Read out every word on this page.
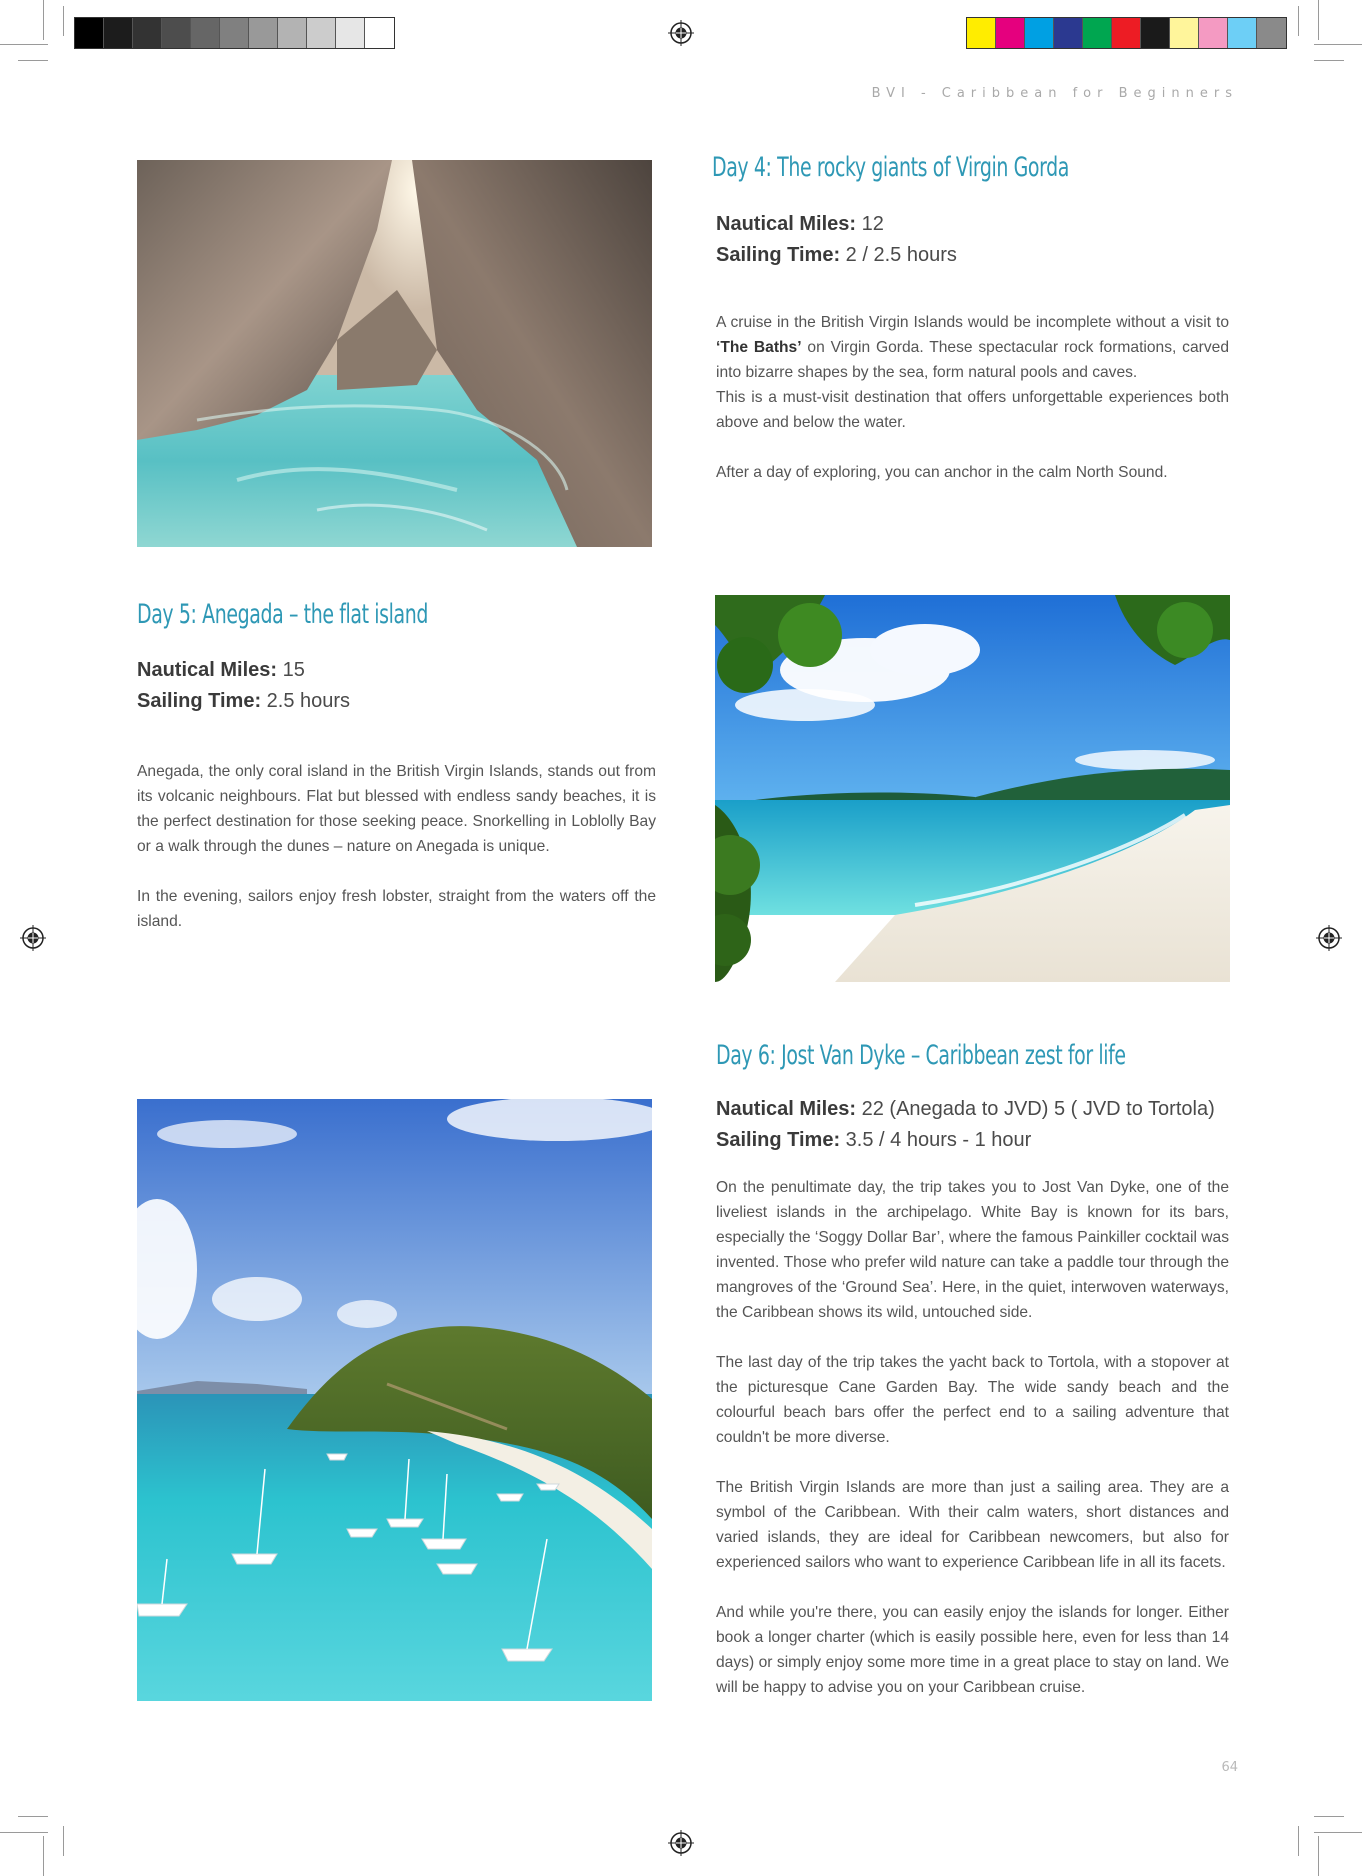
BVI - Caribbean for Beginners
Day 4: The rocky giants of Virgin Gorda
Nautical Miles: 12
Sailing Time: 2 / 2.5 hours

A cruise in the British Virgin Islands would be incomplete without a visit to ‘The Baths’ on Virgin Gorda. These spectacular rock formations, carved into bizarre shapes by the sea, form natural pools and caves.
This is a must-visit destination that offers unforgettable experiences both above and below the water.

After a day of exploring, you can anchor in the calm North Sound.

Day 5: Anegada – the flat island
Nautical Miles: 15
Sailing Time: 2.5 hours

Anegada, the only coral island in the British Virgin Islands, stands out from its volcanic neighbours. Flat but blessed with endless sandy beaches, it is the perfect destination for those seeking peace. Snorkelling in Loblolly Bay or a walk through the dunes – nature on Anegada is unique.

In the evening, sailors enjoy fresh lobster, straight from the waters off the island.

Day 6: Jost Van Dyke – Caribbean zest for life
Nautical Miles: 22 (Anegada to JVD) 5 ( JVD to Tortola)
Sailing Time: 3.5 / 4 hours - 1 hour

On the penultimate day, the trip takes you to Jost Van Dyke, one of the liveliest islands in the archipelago. White Bay is known for its bars, especially the ‘Soggy Dollar Bar’, where the famous Painkiller cocktail was invented. Those who prefer wild nature can take a paddle tour through the mangroves of the ‘Ground Sea’. Here, in the quiet, interwoven waterways, the Caribbean shows its wild, untouched side.

The last day of the trip takes the yacht back to Tortola, with a stopover at the picturesque Cane Garden Bay. The wide sandy beach and the colourful beach bars offer the perfect end to a sailing adventure that couldn't be more diverse.

The British Virgin Islands are more than just a sailing area. They are a symbol of the Caribbean. With their calm waters, short distances and varied islands, they are ideal for Caribbean newcomers, but also for experienced sailors who want to experience Caribbean life in all its facets.

And while you're there, you can easily enjoy the islands for longer. Either book a longer charter (which is easily possible here, even for less than 14 days) or simply enjoy some more time in a great place to stay on land. We will be happy to advise you on your Caribbean cruise.

64
